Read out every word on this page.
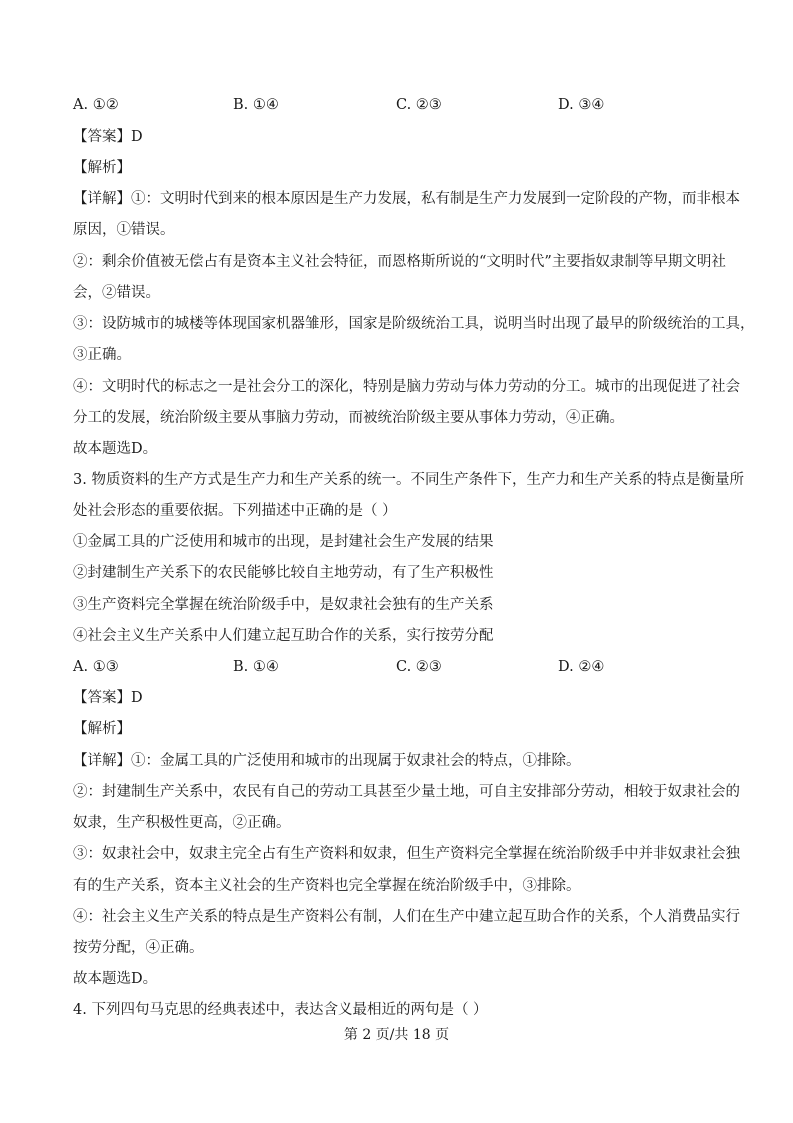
A. ①②	B. ①④	C. ②③	D. ③④
【答案】D
【解析】
【详解】①：文明时代到来的根本原因是生产力发展，私有制是生产力发展到一定阶段的产物，而非根本
原因，①错误。
②：剩余价值被无偿占有是资本主义社会特征，而恩格斯所说的“文明时代”主要指奴隶制等早期文明社
会，②错误。
③：设防城市的城楼等体现国家机器雏形，国家是阶级统治工具，说明当时出现了最早的阶级统治的工具，
③正确。
④：文明时代的标志之一是社会分工的深化，特别是脑力劳动与体力劳动的分工。城市的出现促进了社会
分工的发展，统治阶级主要从事脑力劳动，而被统治阶级主要从事体力劳动，④正确。
故本题选D。
3. 物质资料的生产方式是生产力和生产关系的统一。不同生产条件下，生产力和生产关系的特点是衡量所
处社会形态的重要依据。下列描述中正确的是（ ）
①金属工具的广泛使用和城市的出现，是封建社会生产发展的结果
②封建制生产关系下的农民能够比较自主地劳动，有了生产积极性
③生产资料完全掌握在统治阶级手中，是奴隶社会独有的生产关系
④社会主义生产关系中人们建立起互助合作的关系，实行按劳分配
A. ①③	B. ①④	C. ②③	D. ②④
【答案】D
【解析】
【详解】①：金属工具的广泛使用和城市的出现属于奴隶社会的特点，①排除。
②：封建制生产关系中，农民有自己的劳动工具甚至少量土地，可自主安排部分劳动，相较于奴隶社会的
奴隶，生产积极性更高，②正确。
③：奴隶社会中，奴隶主完全占有生产资料和奴隶，但生产资料完全掌握在统治阶级手中并非奴隶社会独
有的生产关系，资本主义社会的生产资料也完全掌握在统治阶级手中，③排除。
④：社会主义生产关系的特点是生产资料公有制，人们在生产中建立起互助合作的关系，个人消费品实行
按劳分配，④正确。
故本题选D。
4. 下列四句马克思的经典表述中，表达含义最相近的两句是（ ）
第 2 页/共 18 页
